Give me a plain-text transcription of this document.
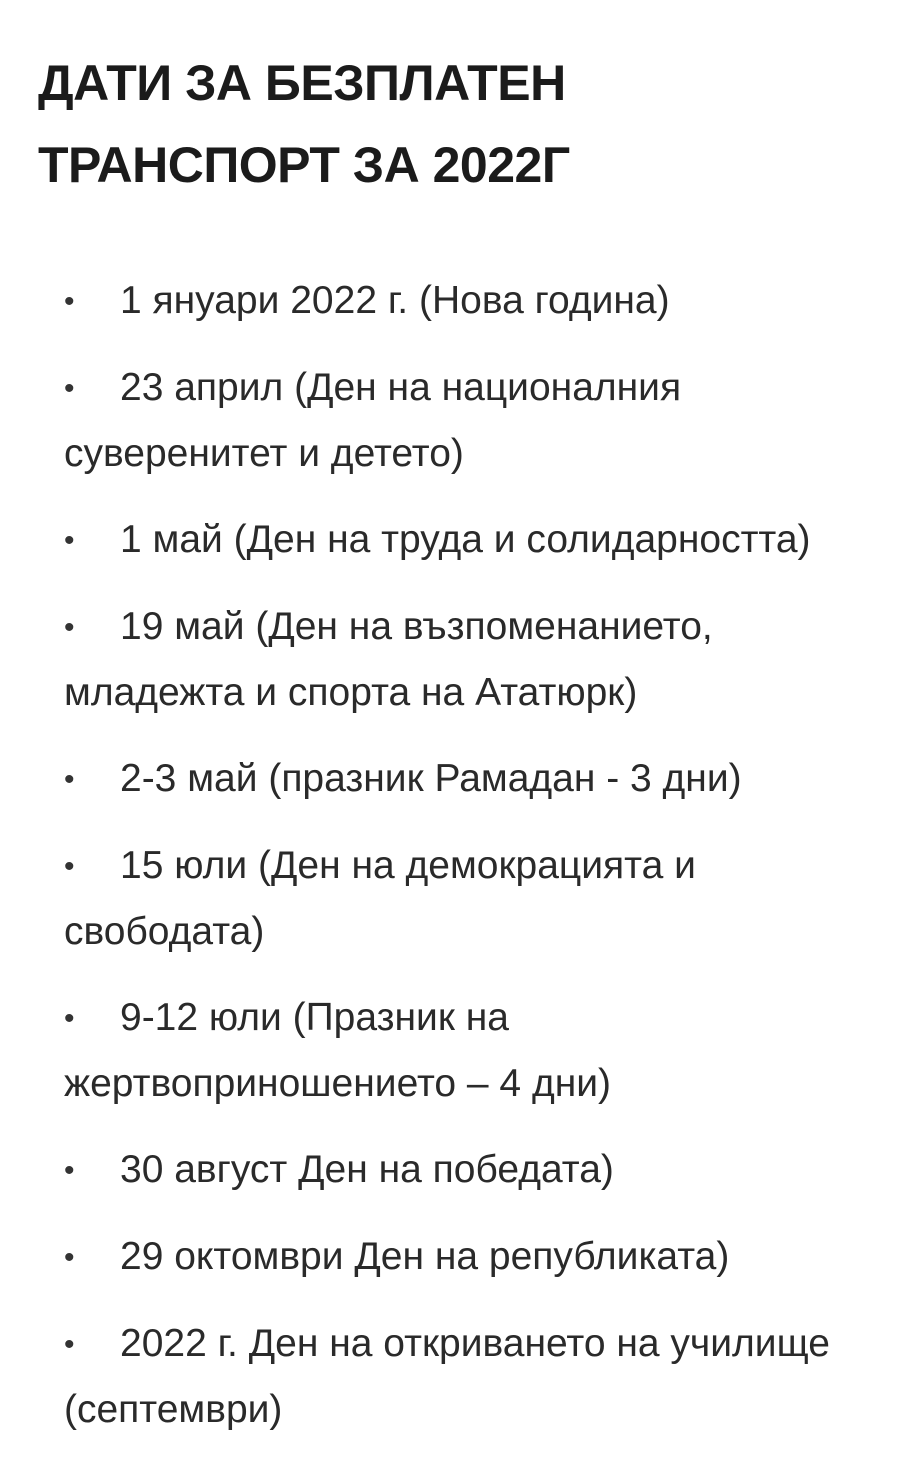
ДАТИ ЗА БЕЗПЛАТЕН
ТРАНСПОРТ ЗА 2022Г
• 1 януари 2022 г. (Нова година)
• 23 април (Ден на националния
суверенитет и детето)
• 1 май (Ден на труда и солидарността)
• 19 май (Ден на възпоменанието,
младежта и спорта на Ататюрк)
• 2-3 май (празник Рамадан - 3 дни)
• 15 юли (Ден на демокрацията и
свободата)
• 9-12 юли (Празник на
жертвоприношението – 4 дни)
• 30 август Ден на победата)
• 29 октомври Ден на републиката)
• 2022 г. Ден на откриването на училище
(септември)
